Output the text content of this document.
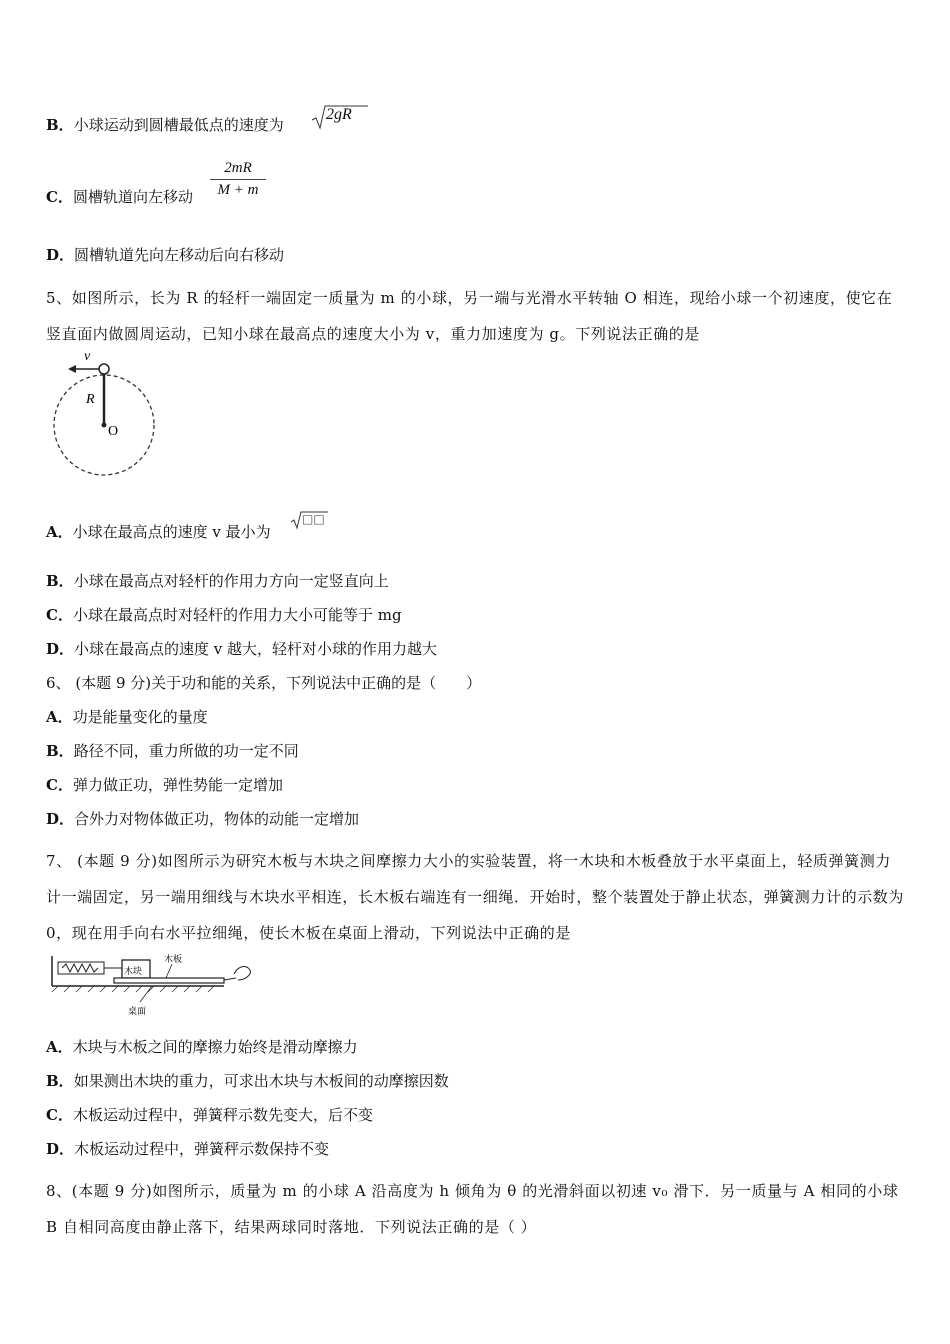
B．小球运动到圆槽最低点的速度为
2gR
C．圆槽轨道向左移动
2mR
M + m
D．圆槽轨道先向左移动后向右移动
5、如图所示，长为 R 的轻杆一端固定一质量为 m 的小球，另一端与光滑水平转轴 O 相连，现给小球一个初速度，使它在竖直面内做圆周运动，已知小球在最高点的速度大小为 v，重力加速度为 g。下列说法正确的是
v
R
O
A．小球在最高点的速度 v 最小为
□□
B．小球在最高点对轻杆的作用力方向一定竖直向上
C．小球在最高点时对轻杆的作用力大小可能等于 mg
D．小球在最高点的速度 v 越大，轻杆对小球的作用力越大
6、 (本题 9 分)关于功和能的关系，下列说法中正确的是（　　）
A．功是能量变化的量度
B．路径不同，重力所做的功一定不同
C．弹力做正功，弹性势能一定增加
D．合外力对物体做正功，物体的动能一定增加
7、 (本题 9 分)如图所示为研究木板与木块之间摩擦力大小的实验装置，将一木块和木板叠放于水平桌面上，轻质弹簧测力计一端固定，另一端用细线与木块水平相连，长木板右端连有一细绳．开始时，整个装置处于静止状态，弹簧测力计的示数为 0，现在用手向右水平拉细绳，使长木板在桌面上滑动，下列说法中正确的是
木块
木板
桌面
A．木块与木板之间的摩擦力始终是滑动摩擦力
B．如果测出木块的重力，可求出木块与木板间的动摩擦因数
C．木板运动过程中，弹簧秤示数先变大，后不变
D．木板运动过程中，弹簧秤示数保持不变
8、(本题 9 分)如图所示，质量为 m 的小球 A 沿高度为 h 倾角为 θ 的光滑斜面以初速 v₀ 滑下．另一质量与 A 相同的小球 B 自相同高度由静止落下，结果两球同时落地．下列说法正确的是（ ）
